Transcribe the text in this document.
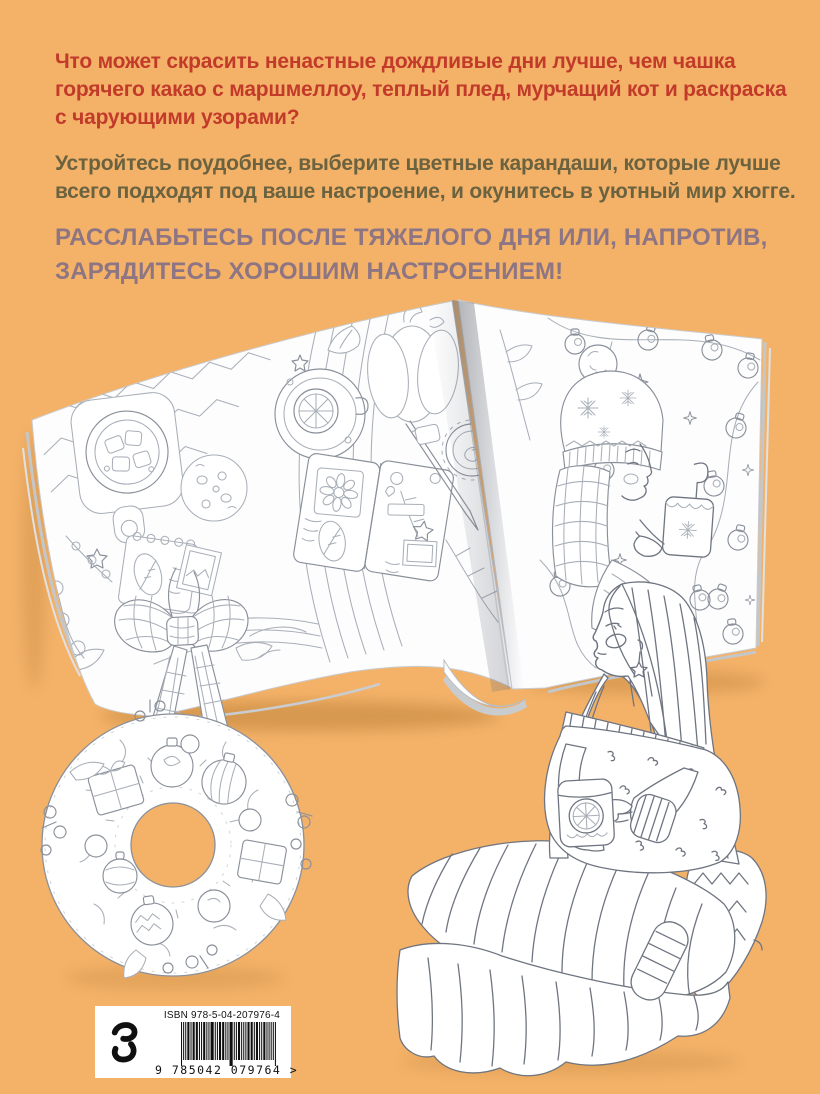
Что может скрасить ненастные дождливые дни лучше, чем чашка
горячего какао с маршмеллоу, теплый плед, мурчащий кот и раскраска
с чарующими узорами?
Устройтесь поудобнее, выберите цветные карандаши, которые лучше
всего подходят под ваше настроение, и окунитесь в уютный мир хюгге.
РАССЛАБЬТЕСЬ ПОСЛЕ ТЯЖЕЛОГО ДНЯ ИЛИ, НАПРОТИВ,
ЗАРЯДИТЕСЬ ХОРОШИМ НАСТРОЕНИЕМ!
ISBN 978-5-04-207976-4
9 785042 079764 >
